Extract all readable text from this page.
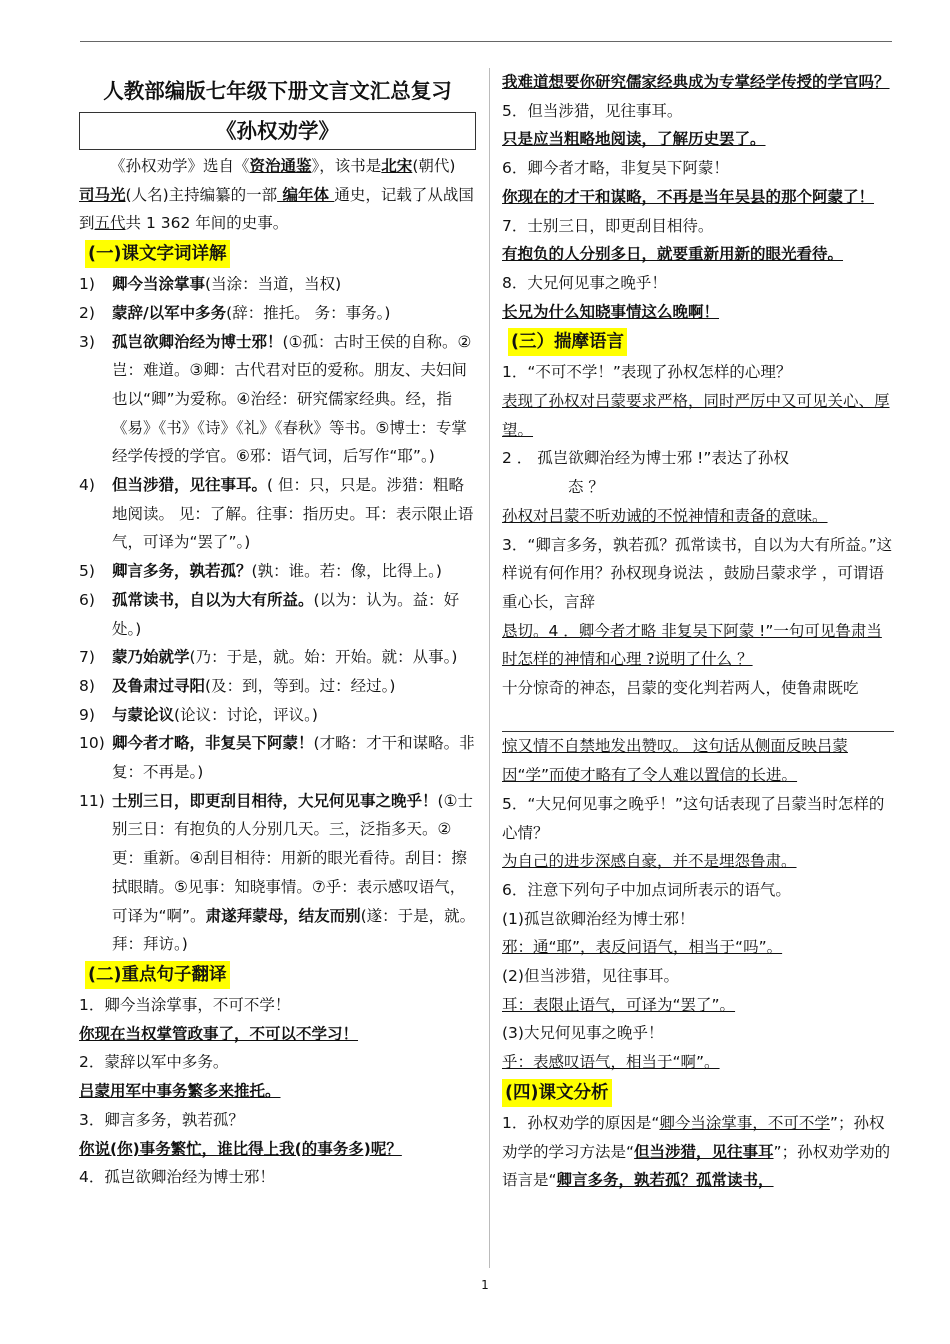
人教部编版七年级下册文言文汇总复习
《孙权劝学》

《孙权劝学》选自《资治通鉴》，该书是北宋(朝代)
司马光(人名)主持编纂的一部 编年体 通史，记载了从战国到五代共 1 362 年间的史事。

(一)课文字词详解
1)	卿今当涂掌事(当涂：当道，当权)
2)	蒙辞/以军中多务(辞：推托。 务：事务。)
3)	孤岂欲卿治经为博士邪！(①孤：古时王侯的自称。②岂：难道。③卿：古代君对臣的爱称。朋友、夫妇间也以“卿”为爱称。④治经：研究儒家经典。经，指《易》《书》《诗》《礼》《春秋》等书。⑤博士：专掌经学传授的学官。⑥邪：语气词，后写作“耶”。)
4)	但当涉猎，见往事耳。( 但：只，只是。涉猎：粗略地阅读。 见：了解。往事：指历史。耳：表示限止语气，可译为“罢了”。)
5)	卿言多务，孰若孤？(孰：谁。若：像，比得上。)
6)	孤常读书，自以为大有所益。(以为：认为。益：好处。)
7)	蒙乃始就学(乃：于是，就。始：开始。就：从事。)
8)	及鲁肃过寻阳(及：到，等到。过：经过。)
9)	与蒙论议(论议：讨论，评议。)
10) 卿今者才略，非复吴下阿蒙！(才略：才干和谋略。非复：不再是。)
11) 士别三日，即更刮目相待，大兄何见事之晚乎！(①士别三日：有抱负的人分别几天。三，泛指多天。②更：重新。④刮目相待：用新的眼光看待。刮目：擦拭眼睛。⑤见事：知晓事情。⑦乎：表示感叹语气，可译为“啊”。肃遂拜蒙母，结友而别(遂：于是，就。拜：拜访。)
(二)重点句子翻译

1．卿今当涂掌事，不可不学！

你现在当权掌管政事了，不可以不学习！

2．蒙辞以军中多务。

吕蒙用军中事务繁多来推托。

3．卿言多务，孰若孤？

你说(你)事务繁忙，谁比得上我(的事务多)呢？

4．孤岂欲卿治经为博士邪！

我难道想要你研究儒家经典成为专掌经学传授的学官吗？

5．但当涉猎，见往事耳。

只是应当粗略地阅读，了解历史罢了。

6．卿今者才略，非复吴下阿蒙！

你现在的才干和谋略，不再是当年吴县的那个阿蒙了！

7．士别三日，即更刮目相待。

有抱负的人分别多日，就要重新用新的眼光看待。

8．大兄何见事之晚乎！

长兄为什么知晓事情这么晚啊！

(三）揣摩语言

1．“不可不学！”表现了孙权怎样的心理？

表现了孙权对吕蒙要求严格，同时严厉中又可见关心、厚望。

2 ． 孤岂欲卿治经为博士邪 !”表达了孙权

态 ？

孙权对吕蒙不听劝诫的不悦神情和责备的意味。

3．“卿言多务，孰若孤？孤常读书，自以为大有所益。”这样说有何作用？孙权现身说法 ，鼓励吕蒙求学 ，可谓语重心长，言辞

恳切。4 ．卿今者才略 非复吴下阿蒙 !”一句可见鲁肃当时怎样的神情和心理 ?说明了什么 ？

十分惊奇的神态，吕蒙的变化判若两人，使鲁肃既吃

惊又情不自禁地发出赞叹。 这句话从侧面反映吕蒙因“学”而使才略有了令人难以置信的长进。

5．“大兄何见事之晚乎！”这句话表现了吕蒙当时怎样的心情？

为自己的进步深感自豪，并不是埋怨鲁肃。

6．注意下列句子中加点词所表示的语气。

(1)孤岂欲卿治经为博士邪！

邪：通“耶”，表反问语气，相当于“吗”。

(2)但当涉猎，见往事耳。

耳：表限止语气，可译为“罢了”。

(3)大兄何见事之晚乎！

乎：表感叹语气，相当于“啊”。

(四)课文分析

1．孙权劝学的原因是“卿今当涂掌事，不可不学”；孙权劝学的学习方法是“但当涉猎，见往事耳”；孙权劝学劝的语言是“卿言多务，孰若孤？孤常读书，

1
